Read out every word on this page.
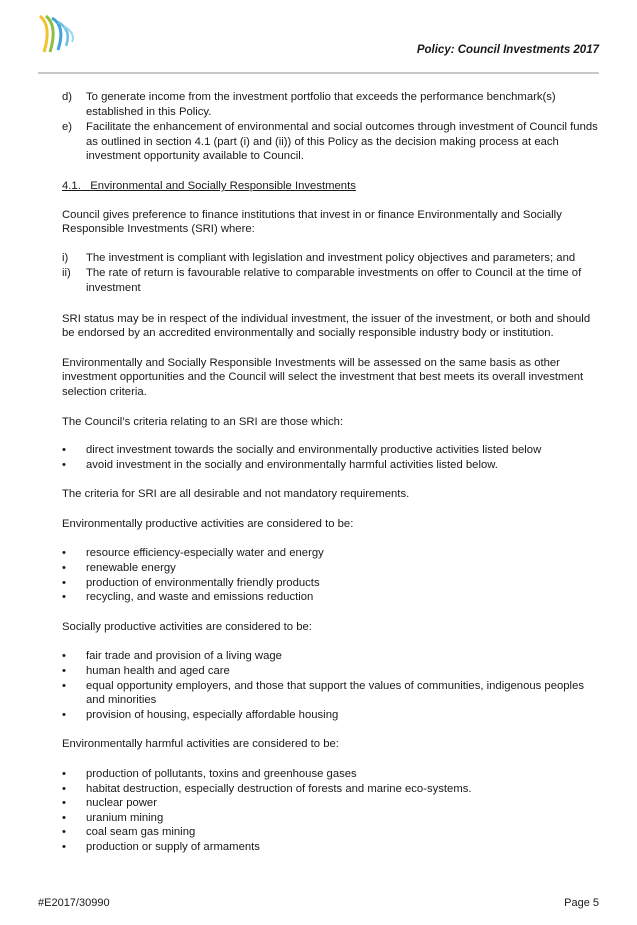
Policy: Council Investments 2017
d) To generate income from the investment portfolio that exceeds the performance benchmark(s) established in this Policy.
e) Facilitate the enhancement of environmental and social outcomes through investment of Council funds as outlined in section 4.1 (part (i) and (ii)) of this Policy as the decision making process at each investment opportunity available to Council.

4.1. Environmental and Socially Responsible Investments

Council gives preference to finance institutions that invest in or finance Environmentally and Socially Responsible Investments (SRI) where:

i) The investment is compliant with legislation and investment policy objectives and parameters; and
ii) The rate of return is favourable relative to comparable investments on offer to Council at the time of investment

SRI status may be in respect of the individual investment, the issuer of the investment, or both and should be endorsed by an accredited environmentally and socially responsible industry body or institution.

Environmentally and Socially Responsible Investments will be assessed on the same basis as other investment opportunities and the Council will select the investment that best meets its overall investment selection criteria.

The Council’s criteria relating to an SRI are those which:

• direct investment towards the socially and environmentally productive activities listed below
• avoid investment in the socially and environmentally harmful activities listed below.

The criteria for SRI are all desirable and not mandatory requirements.

Environmentally productive activities are considered to be:

• resource efficiency-especially water and energy
• renewable energy
• production of environmentally friendly products
• recycling, and waste and emissions reduction

Socially productive activities are considered to be:

• fair trade and provision of a living wage
• human health and aged care
• equal opportunity employers, and those that support the values of communities, indigenous peoples and minorities
• provision of housing, especially affordable housing

Environmentally harmful activities are considered to be:

• production of pollutants, toxins and greenhouse gases
• habitat destruction, especially destruction of forests and marine eco-systems.
• nuclear power
• uranium mining
• coal seam gas mining
• production or supply of armaments
#E2017/30990	Page 5
